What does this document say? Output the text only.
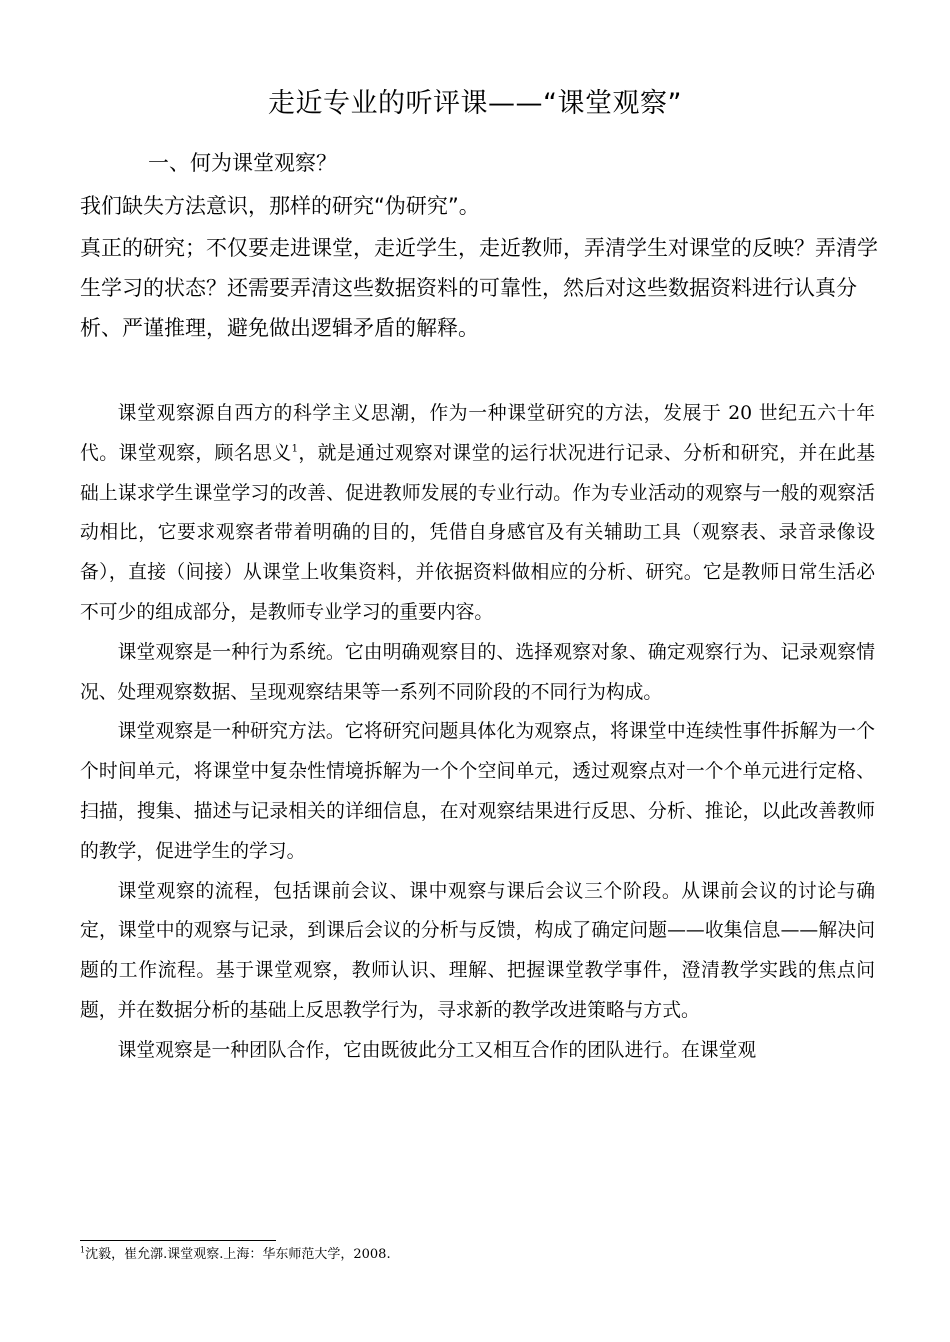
走近专业的听评课——“课堂观察”
一、何为课堂观察？

我们缺失方法意识，那样的研究“伪研究”。

真正的研究；不仅要走进课堂，走近学生，走近教师，弄清学生对课堂的反映？弄清学生学习的状态？还需要弄清这些数据资料的可靠性，然后对这些数据资料进行认真分析、严谨推理，避免做出逻辑矛盾的解释。

课堂观察源自西方的科学主义思潮，作为一种课堂研究的方法，发展于 20 世纪五六十年代。课堂观察，顾名思义$^1$，就是通过观察对课堂的运行状况进行记录、分析和研究，并在此基础上谋求学生课堂学习的改善、促进教师发展的专业行动。作为专业活动的观察与一般的观察活动相比，它要求观察者带着明确的目的，凭借自身感官及有关辅助工具（观察表、录音录像设备），直接（间接）从课堂上收集资料，并依据资料做相应的分析、研究。它是教师日常生活必不可少的组成部分，是教师专业学习的重要内容。

课堂观察是一种行为系统。它由明确观察目的、选择观察对象、确定观察行为、记录观察情况、处理观察数据、呈现观察结果等一系列不同阶段的不同行为构成。

课堂观察是一种研究方法。它将研究问题具体化为观察点，将课堂中连续性事件拆解为一个个时间单元，将课堂中复杂性情境拆解为一个个空间单元，透过观察点对一个个单元进行定格、扫描，搜集、描述与记录相关的详细信息，在对观察结果进行反思、分析、推论，以此改善教师的教学，促进学生的学习。

课堂观察的流程，包括课前会议、课中观察与课后会议三个阶段。从课前会议的讨论与确定，课堂中的观察与记录，到课后会议的分析与反馈，构成了确定问题——收集信息——解决问题的工作流程。基于课堂观察，教师认识、理解、把握课堂教学事件，澄清教学实践的焦点问题，并在数据分析的基础上反思教学行为，寻求新的教学改进策略与方式。

课堂观察是一种团队合作，它由既彼此分工又相互合作的团队进行。在课堂观

$^1$沈毅，崔允漷.课堂观察.上海：华东师范大学，2008.
